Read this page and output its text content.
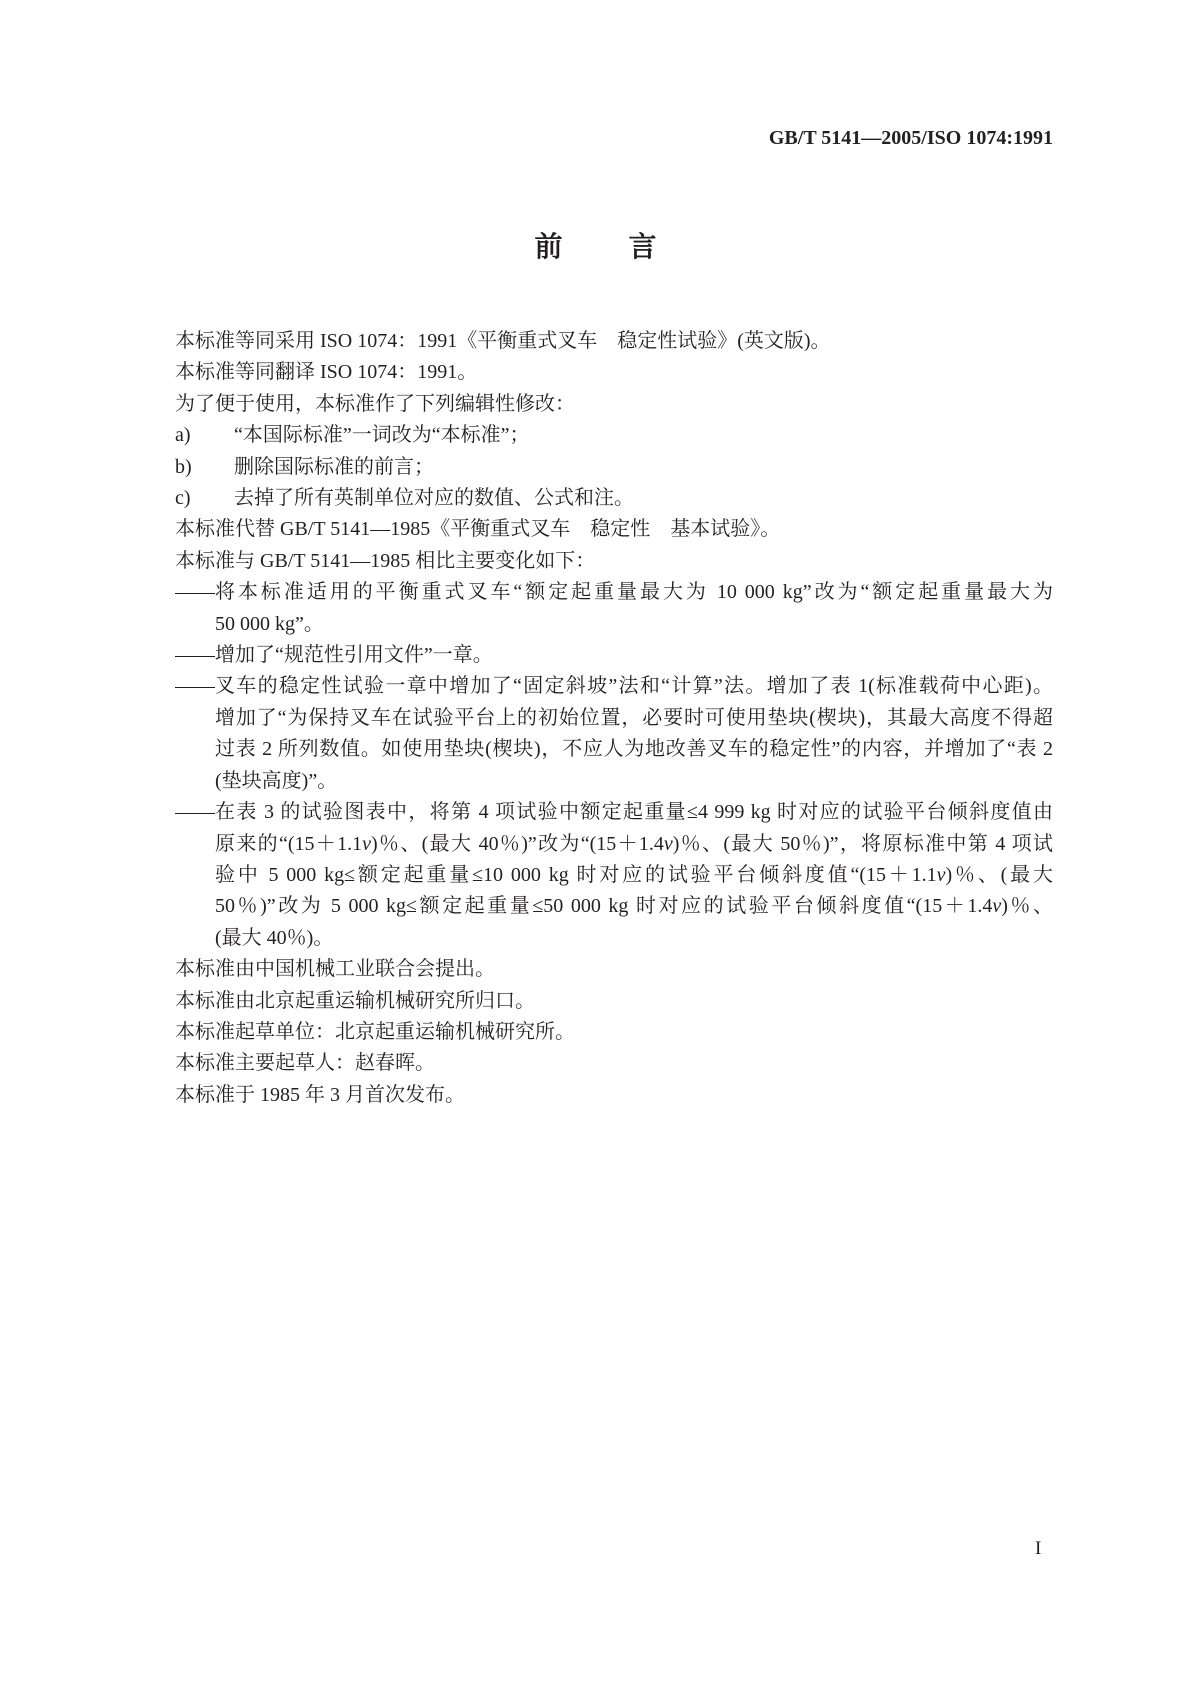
GB/T 5141—2005/ISO 1074:1991
前　言
本标准等同采用 ISO 1074：1991《平衡重式叉车　稳定性试验》(英文版)。
本标准等同翻译 ISO 1074：1991。
为了便于使用，本标准作了下列编辑性修改：
a)	“本国际标准”一词改为“本标准”；
b)	删除国际标准的前言；
c)	去掉了所有英制单位对应的数值、公式和注。
本标准代替 GB/T 5141—1985《平衡重式叉车　稳定性　基本试验》。
本标准与 GB/T 5141—1985 相比主要变化如下：
—— 将本标准适用的平衡重式叉车“额定起重量最大为 10 000 kg”改为“额定起重量最大为
50 000 kg”。
—— 增加了“规范性引用文件”一章。
—— 叉车的稳定性试验一章中增加了“固定斜坡”法和“计算”法。增加了表 1(标准载荷中心距)。
增加了“为保持叉车在试验平台上的初始位置，必要时可使用垫块(楔块)，其最大高度不得超
过表 2 所列数值。如使用垫块(楔块)，不应人为地改善叉车的稳定性”的内容，并增加了“表 2
(垫块高度)”。
—— 在表 3 的试验图表中，将第 4 项试验中额定起重量≤4 999 kg 时对应的试验平台倾斜度值由
原来的“(15＋1.1v)％、(最大 40％)”改为“(15＋1.4v)％、(最大 50％)”，将原标准中第 4 项试
验中 5 000 kg≤额定起重量≤10 000 kg 时对应的试验平台倾斜度值“(15＋1.1v)％、(最大
50％)”改为 5 000 kg≤额定起重量≤50 000 kg 时对应的试验平台倾斜度值“(15＋1.4v)％、
(最大 40％)。
本标准由中国机械工业联合会提出。
本标准由北京起重运输机械研究所归口。
本标准起草单位：北京起重运输机械研究所。
本标准主要起草人：赵春晖。
本标准于 1985 年 3 月首次发布。
I
